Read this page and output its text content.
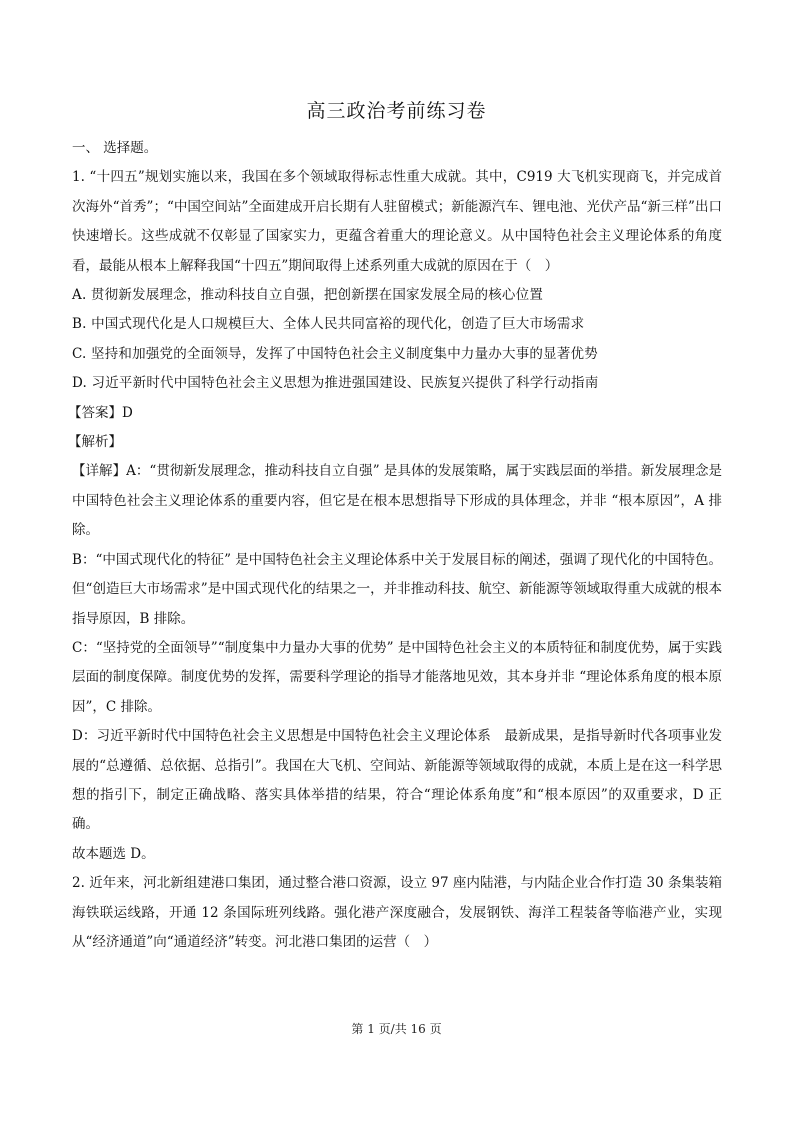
高三政治考前练习卷

一、 选择题。

1. “十四五”规划实施以来，我国在多个领域取得标志性重大成就。其中，C919 大飞机实现商飞，并完成首次海外“首秀”；“中国空间站”全面建成开启长期有人驻留模式；新能源汽车、锂电池、光伏产品“新三样”出口快速增长。这些成就不仅彰显了国家实力，更蕴含着重大的理论意义。从中国特色社会主义理论体系的角度看，最能从根本上解释我国“十四五”期间取得上述系列重大成就的原因在于（　）

A. 贯彻新发展理念，推动科技自立自强，把创新摆在国家发展全局的核心位置

B. 中国式现代化是人口规模巨大、全体人民共同富裕的现代化，创造了巨大市场需求

C. 坚持和加强党的全面领导，发挥了中国特色社会主义制度集中力量办大事的显著优势

D. 习近平新时代中国特色社会主义思想为推进强国建设、民族复兴提供了科学行动指南

【答案】D

【解析】

【详解】A：“贯彻新发展理念，推动科技自立自强” 是具体的发展策略，属于实践层面的举措。新发展理念是中国特色社会主义理论体系的重要内容，但它是在根本思想指导下形成的具体理念，并非 “根本原因”，A 排除。

B：“中国式现代化的特征” 是中国特色社会主义理论体系中关于发展目标的阐述，强调了现代化的中国特色。但“创造巨大市场需求”是中国式现代化的结果之一，并非推动科技、航空、新能源等领域取得重大成就的根本指导原因，B 排除。

C：“坚持党的全面领导”“制度集中力量办大事的优势” 是中国特色社会主义的本质特征和制度优势，属于实践层面的制度保障。制度优势的发挥，需要科学理论的指导才能落地见效，其本身并非 “理论体系角度的根本原因”，C 排除。

D：习近平新时代中国特色社会主义思想是中国特色社会主义理论体系　最新成果，是指导新时代各项事业发展的“总遵循、总依据、总指引”。我国在大飞机、空间站、新能源等领域取得的成就，本质上是在这一科学思想的指引下，制定正确战略、落实具体举措的结果，符合“理论体系角度”和“根本原因”的双重要求，D 正确。

故本题选 D。

2. 近年来，河北新组建港口集团，通过整合港口资源，设立 97 座内陆港，与内陆企业合作打造 30 条集装箱海铁联运线路，开通 12 条国际班列线路。强化港产深度融合，发展钢铁、海洋工程装备等临港产业，实现从“经济通道”向“通道经济”转变。河北港口集团的运营（　）

第 1 页/共 16 页
